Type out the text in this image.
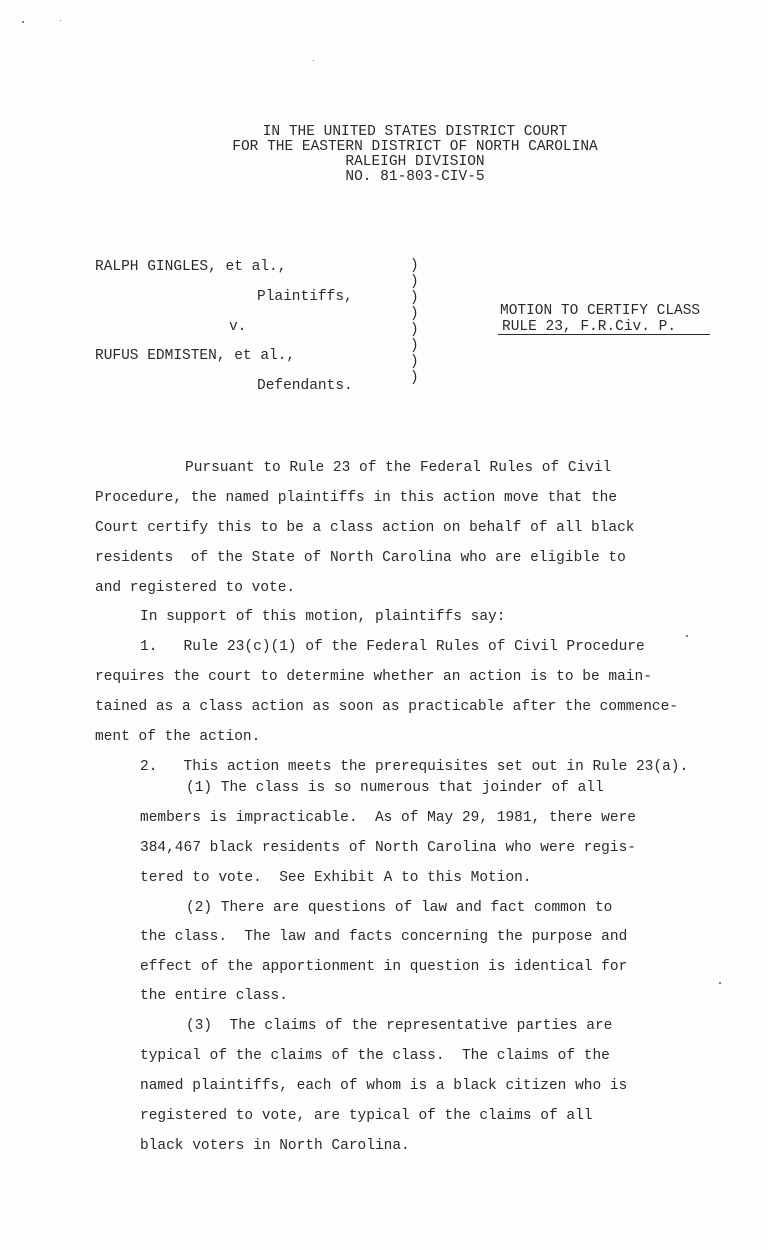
IN THE UNITED STATES DISTRICT COURT
FOR THE EASTERN DISTRICT OF NORTH CAROLINA
RALEIGH DIVISION
NO. 81-803-CIV-5
RALPH GINGLES, et al.,
Plaintiffs,
v.
RUFUS EDMISTEN, et al.,
Defendants.
)
)
)
)
)
)
)
)
MOTION TO CERTIFY CLASS
RULE 23, F.R.Civ. P.
Pursuant to Rule 23 of the Federal Rules of Civil
Procedure, the named plaintiffs in this action move that the
Court certify this to be a class action on behalf of all black
residents  of the State of North Carolina who are eligible to
and registered to vote.
In support of this motion, plaintiffs say:
1.   Rule 23(c)(1) of the Federal Rules of Civil Procedure
requires the court to determine whether an action is to be main-
tained as a class action as soon as practicable after the commence-
ment of the action.
2.   This action meets the prerequisites set out in Rule 23(a).
(1) The class is so numerous that joinder of all
members is impracticable.  As of May 29, 1981, there were
384,467 black residents of North Carolina who were regis-
tered to vote.  See Exhibit A to this Motion.
(2) There are questions of law and fact common to
the class.  The law and facts concerning the purpose and
effect of the apportionment in question is identical for
the entire class.
(3)  The claims of the representative parties are
typical of the claims of the class.  The claims of the
named plaintiffs, each of whom is a black citizen who is
registered to vote, are typical of the claims of all
black voters in North Carolina.
